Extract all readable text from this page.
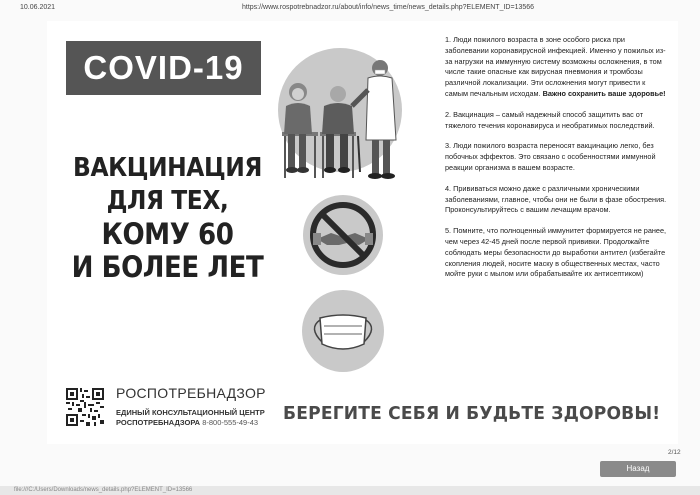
10.06.2021	https://www.rospotrebnadzor.ru/about/info/news_time/news_details.php?ELEMENT_ID=13566
COVID-19
ВАКЦИНАЦИЯ
ДЛЯ ТЕХ,
КОМУ 60
И БОЛЕЕ ЛЕТ
РОСПОТРЕБНАДЗОР
ЕДИНЫЙ КОНСУЛЬТАЦИОННЫЙ ЦЕНТР
РОСПОТРЕБНАДЗОРА 8-800-555-49-43

1. Люди пожилого возраста в зоне особого риска при заболевании коронавирусной инфекцией. Именно у пожилых из-за нагрузки на иммунную систему возможны осложнения, в том числе такие опасные как вирусная пневмония и тромбозы различной локализации. Эти осложнения могут привести к самым печальным исходам. Важно сохранить ваше здоровье!

2. Вакцинация – самый надежный способ защитить вас от тяжелого течения коронавируса и необратимых последствий.

3. Люди пожилого возраста переносят вакцинацию легко, без побочных эффектов. Это связано с особенностями иммунной реакции организма в вашем возрасте.

4. Прививаться можно даже с различными хроническими заболеваниями, главное, чтобы они не были в фазе обострения. Проконсультируйтесь с вашим лечащим врачом.

5. Помните, что полноценный иммунитет формируется не ранее, чем через 42-45 дней после первой прививки. Продолжайте соблюдать меры безопасности до выработки антител (избегайте скопления людей, носите маску в общественных местах, часто мойте руки с мылом или обрабатывайте их антисептиком)

БЕРЕГИТЕ СЕБЯ И БУДЬТЕ ЗДОРОВЫ!
2/12
Назад
file:///C:/Users/Downloads/news_details.php?ELEMENT_ID=13566
